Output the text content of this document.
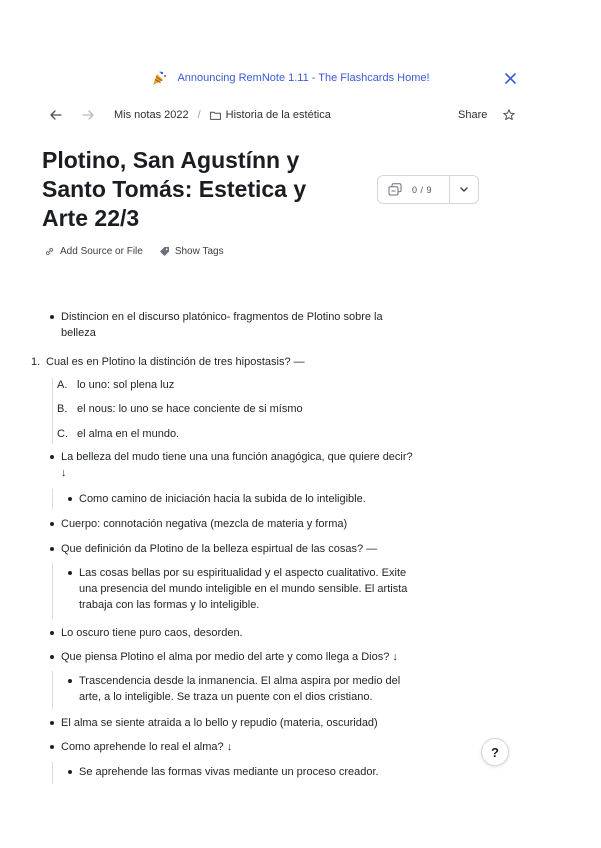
Announcing RemNote 1.11 - The Flashcards Home!
Mis notas 2022 / Historia de la estética	Share
Plotino, San Agustínn y
Santo Tomás: Estetica y
Arte 22/3
0 / 9
Add Source or File	Show Tags
Distincion en el discurso platónico- fragmentos de Plotino sobre la
belleza
1. Cual es en Plotino la distinción de tres hipostasis? —
A. lo uno: sol plena luz
B. el nous: lo uno se hace conciente de si mísmo
C. el alma en el mundo.
La belleza del mudo tiene una una función anagógica, que quiere decir?
↓
Como camino de iniciación hacia la subida de lo inteligible.
Cuerpo: connotación negativa (mezcla de materia y forma)
Que definición da Plotino de la belleza espirtual de las cosas? —
Las cosas bellas por su espiritualidad y el aspecto cualitativo. Exite
una presencia del mundo inteligible en el mundo sensible. El artista
trabaja con las formas y lo inteligible.
Lo oscuro tiene puro caos, desorden.
Que piensa Plotino el alma por medio del arte y como llega a Dios? ↓
Trascendencia desde la inmanencia. El alma aspira por medio del
arte, a lo inteligible. Se traza un puente con el dios cristiano.
El alma se siente atraida a lo bello y repudio (materia, oscuridad)
Como aprehende lo real el alma? ↓
Se aprehende las formas vivas mediante un proceso creador.
?
